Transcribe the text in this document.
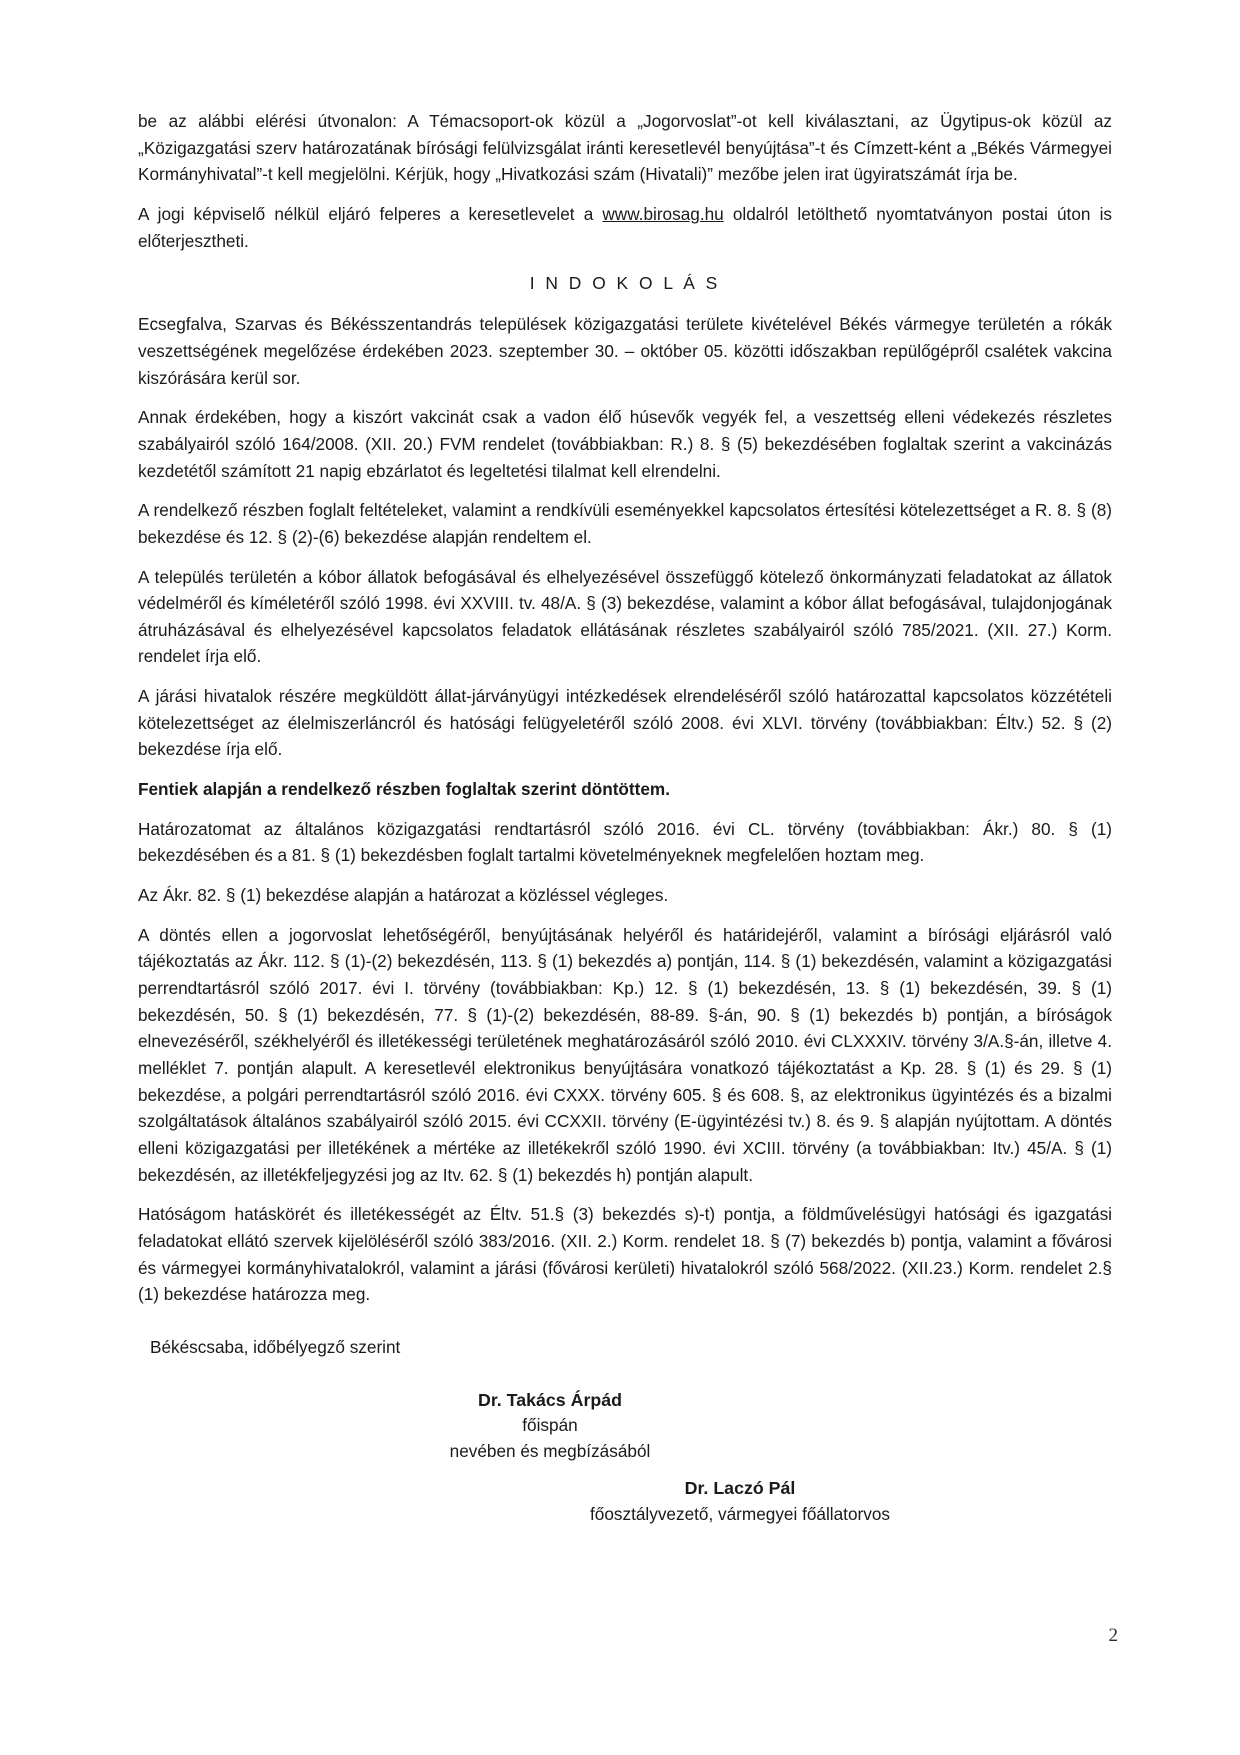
be az alábbi elérési útvonalon: A Témacsoport-ok közül a „Jogorvoslat”-ot kell kiválasztani, az Ügytipus-ok közül az „Közigazgatási szerv határozatának bírósági felülvizsgálat iránti keresetlevél benyújtása”-t és Címzett-ként a „Békés Vármegyei Kormányhivatal”-t kell megjelölni. Kérjük, hogy „Hivatkozási szám (Hivatali)” mezőbe jelen irat ügyiratszámát írja be.

A jogi képviselő nélkül eljáró felperes a keresetlevelet a www.birosag.hu oldalról letölthető nyomtatványon postai úton is előterjesztheti.

I N D O K O L Á S

Ecsegfalva, Szarvas és Békésszentandrás települések közigazgatási területe kivételével Békés vármegye területén a rókák veszettségének megelőzése érdekében 2023. szeptember 30. – október 05. közötti időszakban repülőgépről csalétek vakcina kiszórására kerül sor.

Annak érdekében, hogy a kiszórt vakcinát csak a vadon élő húsevők vegyék fel, a veszettség elleni védekezés részletes szabályairól szóló 164/2008. (XII. 20.) FVM rendelet (továbbiakban: R.) 8. § (5) bekezdésében foglaltak szerint a vakcinázás kezdetétől számított 21 napig ebzárlatot és legeltetési tilalmat kell elrendelni.

A rendelkező részben foglalt feltételeket, valamint a rendkívüli eseményekkel kapcsolatos értesítési kötelezettséget a R. 8. § (8) bekezdése és 12. § (2)-(6) bekezdése alapján rendeltem el.

A település területén a kóbor állatok befogásával és elhelyezésével összefüggő kötelező önkormányzati feladatokat az állatok védelméről és kíméletéről szóló 1998. évi XXVIII. tv. 48/A. § (3) bekezdése, valamint a kóbor állat befogásával, tulajdonjogának átruházásával és elhelyezésével kapcsolatos feladatok ellátásának részletes szabályairól szóló 785/2021. (XII. 27.) Korm. rendelet írja elő.

A járási hivatalok részére megküldött állat-járványügyi intézkedések elrendeléséről szóló határozattal kapcsolatos közzétételi kötelezettséget az élelmiszerláncról és hatósági felügyeletéről szóló 2008. évi XLVI. törvény (továbbiakban: Éltv.) 52. § (2) bekezdése írja elő.

Fentiek alapján a rendelkező részben foglaltak szerint döntöttem.

Határozatomat az általános közigazgatási rendtartásról szóló 2016. évi CL. törvény (továbbiakban: Ákr.) 80. § (1) bekezdésében és a 81. § (1) bekezdésben foglalt tartalmi követelményeknek megfelelően hoztam meg.

Az Ákr. 82. § (1) bekezdése alapján a határozat a közléssel végleges.

A döntés ellen a jogorvoslat lehetőségéről, benyújtásának helyéről és határidejéről, valamint a bírósági eljárásról való tájékoztatás az Ákr. 112. § (1)-(2) bekezdésén, 113. § (1) bekezdés a) pontján, 114. § (1) bekezdésén, valamint a közigazgatási perrendtartásról szóló 2017. évi I. törvény (továbbiakban: Kp.) 12. § (1) bekezdésén, 13. § (1) bekezdésén, 39. § (1) bekezdésén, 50. § (1) bekezdésén, 77. § (1)-(2) bekezdésén, 88-89. §-án, 90. § (1) bekezdés b) pontján, a bíróságok elnevezéséről, székhelyéről és illetékességi területének meghatározásáról szóló 2010. évi CLXXXIV. törvény 3/A.§-án, illetve 4. melléklet 7. pontján alapult. A keresetlevél elektronikus benyújtására vonatkozó tájékoztatást a Kp. 28. § (1) és 29. § (1) bekezdése, a polgári perrendtartásról szóló 2016. évi CXXX. törvény 605. § és 608. §, az elektronikus ügyintézés és a bizalmi szolgáltatások általános szabályairól szóló 2015. évi CCXXII. törvény (E-ügyintézési tv.) 8. és 9. § alapján nyújtottam. A döntés elleni közigazgatási per illetékének a mértéke az illetékekről szóló 1990. évi XCIII. törvény (a továbbiakban: Itv.) 45/A. § (1) bekezdésén, az illetékfeljegyzési jog az Itv. 62. § (1) bekezdés h) pontján alapult.

Hatóságom hatáskörét és illetékességét az Éltv. 51.§ (3) bekezdés s)-t) pontja, a földművelésügyi hatósági és igazgatási feladatokat ellátó szervek kijelöléséről szóló 383/2016. (XII. 2.) Korm. rendelet 18. § (7) bekezdés b) pontja, valamint a fővárosi és vármegyei kormányhivatalokról, valamint a járási (fővárosi kerületi) hivatalokról szóló 568/2022. (XII.23.) Korm. rendelet 2.§ (1) bekezdése határozza meg.

Békéscsaba, időbélyegző szerint

Dr. Takács Árpád
főispán
nevében és megbízásából
Dr. Laczó Pál
főosztályvezető, vármegyei főállatorvos
2
